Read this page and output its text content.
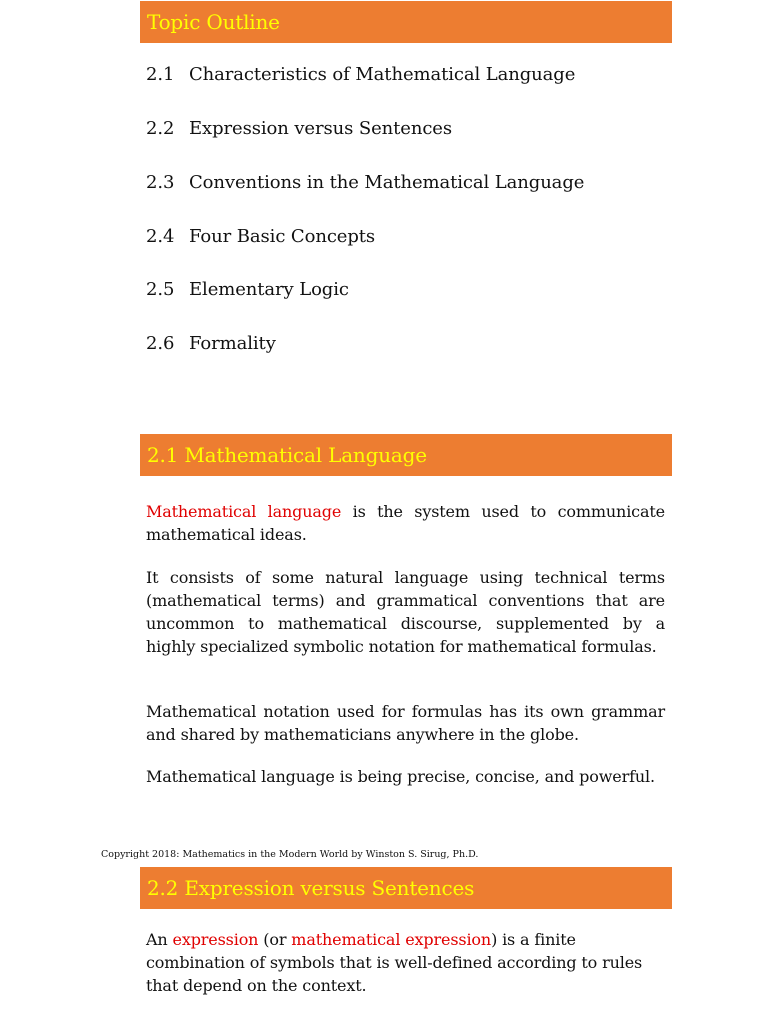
Topic Outline
2.1 Characteristics of Mathematical Language
2.2 Expression versus Sentences
2.3 Conventions in the Mathematical Language
2.4 Four Basic Concepts
2.5 Elementary Logic
2.6 Formality
2.1 Mathematical Language
Mathematical language is the system used to communicate mathematical ideas.
It consists of some natural language using technical terms (mathematical terms) and grammatical conventions that are uncommon to mathematical discourse, supplemented by a highly specialized symbolic notation for mathematical formulas.
Mathematical notation used for formulas has its own grammar and shared by mathematicians anywhere in the globe.
Mathematical language is being precise, concise, and powerful.
Copyright 2018: Mathematics in the Modern World by Winston S. Sirug, Ph.D.
2.2 Expression versus Sentences
An expression (or mathematical expression) is a finite combination of symbols that is well-defined according to rules that depend on the context.
